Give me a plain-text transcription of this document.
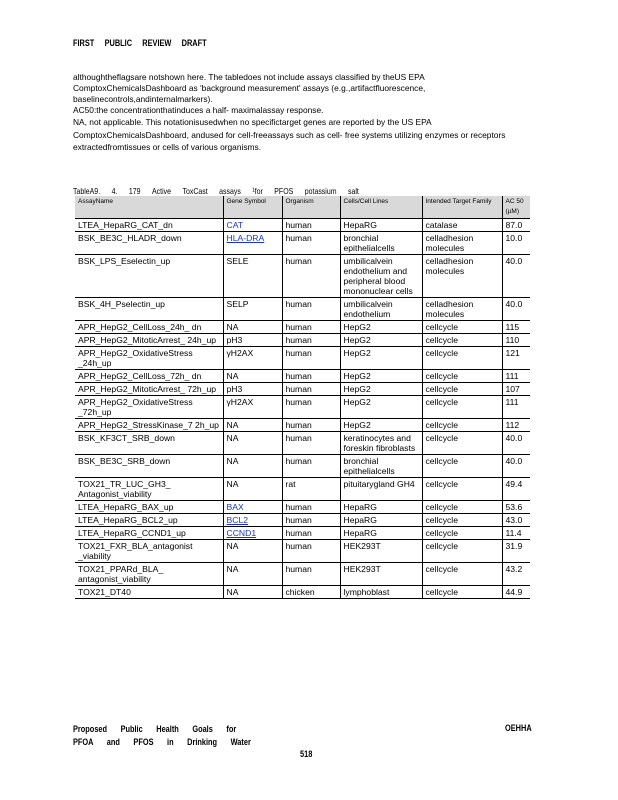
FIRST PUBLIC REVIEW DRAFT

althoughtheflagsare notshown here. The tabledoes not include assays classified by theUS EPA ComptoxChemicalsDashboard as 'background measurement' assays (e.g.,artifactfluorescence, baselinecontrols,andinternalmarkers).

AC50:the concentrationthatinduces a half- maximalassay response.

NA, not applicable. This notationisusedwhen no specifictarget genes are reported by the US EPA ComptoxChemicalsDashboard, andused for cell-freeassays such as cell- free systems utilizing enzymes or receptors extractedfromtissues or cells of various organisms.

TableA9. 4. 179 Active ToxCast assays ¹for PFOS potassium salt
AssayName	Gene Symbol	Organism	Cells/Cell Lines	Intended Target Family	AC 50 (µM)
LTEA_HepaRG_CAT_dn	CAT	human	HepaRG	catalase	87.0
BSK_BE3C_HLADR_down	HLA-DRA	human	bronchial epithelialcells	celladhesion molecules	10.0
BSK_LPS_Eselectin_up	SELE	human	umbilicalvein endothelium and peripheral blood mononuclear cells	celladhesion molecules	40.0
BSK_4H_Pselectin_up	SELP	human	umbilicalvein endothelium	celladhesion molecules	40.0
APR_HepG2_CellLoss_24h_ dn	NA	human	HepG2	cellcycle	115
APR_HepG2_MitoticArrest_ 24h_up	pH3	human	HepG2	cellcycle	110
APR_HepG2_OxidativeStress _24h_up	γH2AX	human	HepG2	cellcycle	121
APR_HepG2_CellLoss_72h_ dn	NA	human	HepG2	cellcycle	111
APR_HepG2_MitoticArrest_ 72h_up	pH3	human	HepG2	cellcycle	107
APR_HepG2_OxidativeStress _72h_up	γH2AX	human	HepG2	cellcycle	111
APR_HepG2_StressKinase_7 2h_up	NA	human	HepG2	cellcycle	112
BSK_KF3CT_SRB_down	NA	human	keratinocytes and foreskin fibroblasts	cellcycle	40.0
BSK_BE3C_SRB_down	NA	human	bronchial epithelialcells	cellcycle	40.0
TOX21_TR_LUC_GH3_ Antagonist_viability	NA	rat	pituitarygland GH4	cellcycle	49.4
LTEA_HepaRG_BAX_up	BAX	human	HepaRG	cellcycle	53.6
LTEA_HepaRG_BCL2_up	BCL2	human	HepaRG	cellcycle	43.0
LTEA_HepaRG_CCND1_up	CCND1	human	HepaRG	cellcycle	11.4
TOX21_FXR_BLA_antagonist _viability	NA	human	HEK293T	cellcycle	31.9
TOX21_PPARd_BLA_ antagonist_viability	NA	human	HEK293T	cellcycle	43.2
TOX21_DT40	NA	chicken	lymphoblast	cellcycle	44.9
Proposed Public Health Goals for
PFOA and PFOS in Drinking Water
OEHHA
518
